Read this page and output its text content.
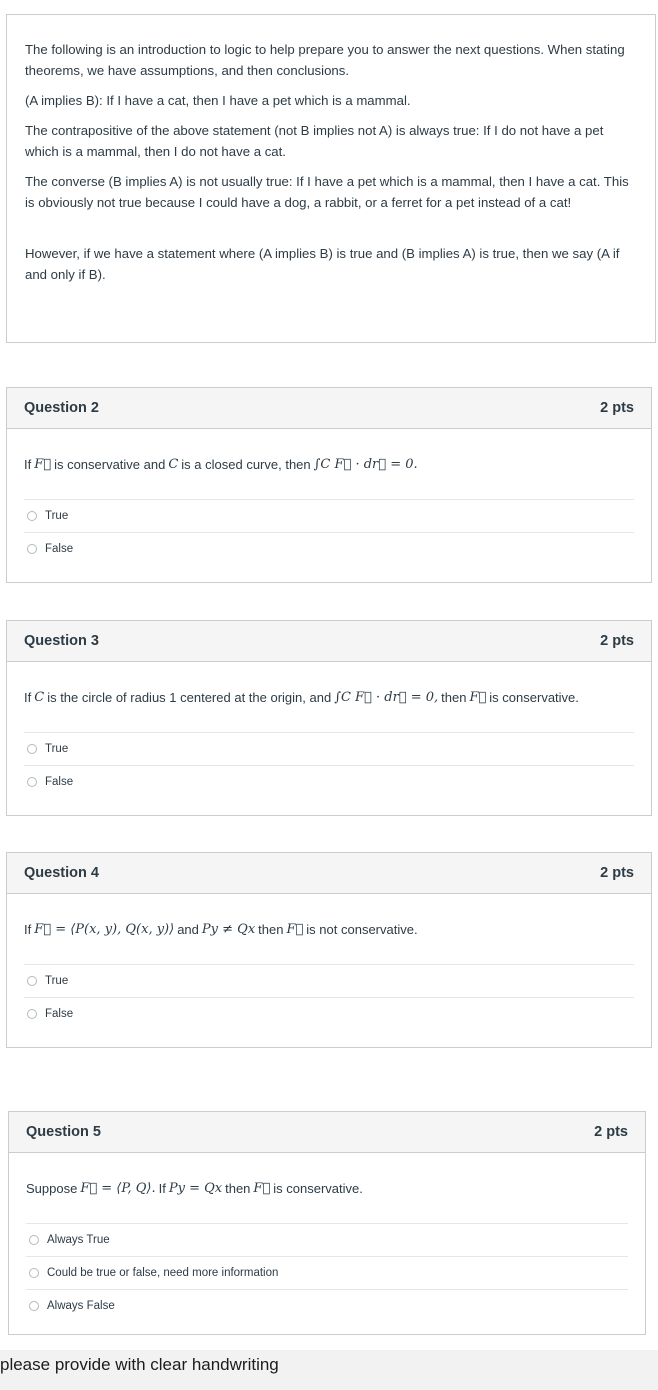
The following is an introduction to logic to help prepare you to answer the next questions. When stating theorems, we have assumptions, and then conclusions.

(A implies B): If I have a cat, then I have a pet which is a mammal.

The contrapositive of the above statement (not B implies not A) is always true: If I do not have a pet which is a mammal, then I do not have a cat.

The converse (B implies A) is not usually true: If I have a pet which is a mammal, then I have a cat. This is obviously not true because I could have a dog, a rabbit, or a ferret for a pet instead of a cat!

However, if we have a statement where (A implies B) is true and (B implies A) is true, then we say (A if and only if B).

Question 2	2 pts
If F⃗ is conservative and C is a closed curve, then ∫C F⃗ · dr⃗ = 0.
True
False
Question 3	2 pts
If C is the circle of radius 1 centered at the origin, and ∫C F⃗ · dr⃗ = 0, then F⃗ is conservative.
True
False
Question 4	2 pts
If F⃗ = ⟨P(x, y), Q(x, y)⟩ and Py ≠ Qx then F⃗ is not conservative.
True
False
Question 5	2 pts
Suppose F⃗ = ⟨P, Q⟩. If Py = Qx then F⃗ is conservative.
Always True
Could be true or false, need more information
Always False
please provide with clear handwriting
